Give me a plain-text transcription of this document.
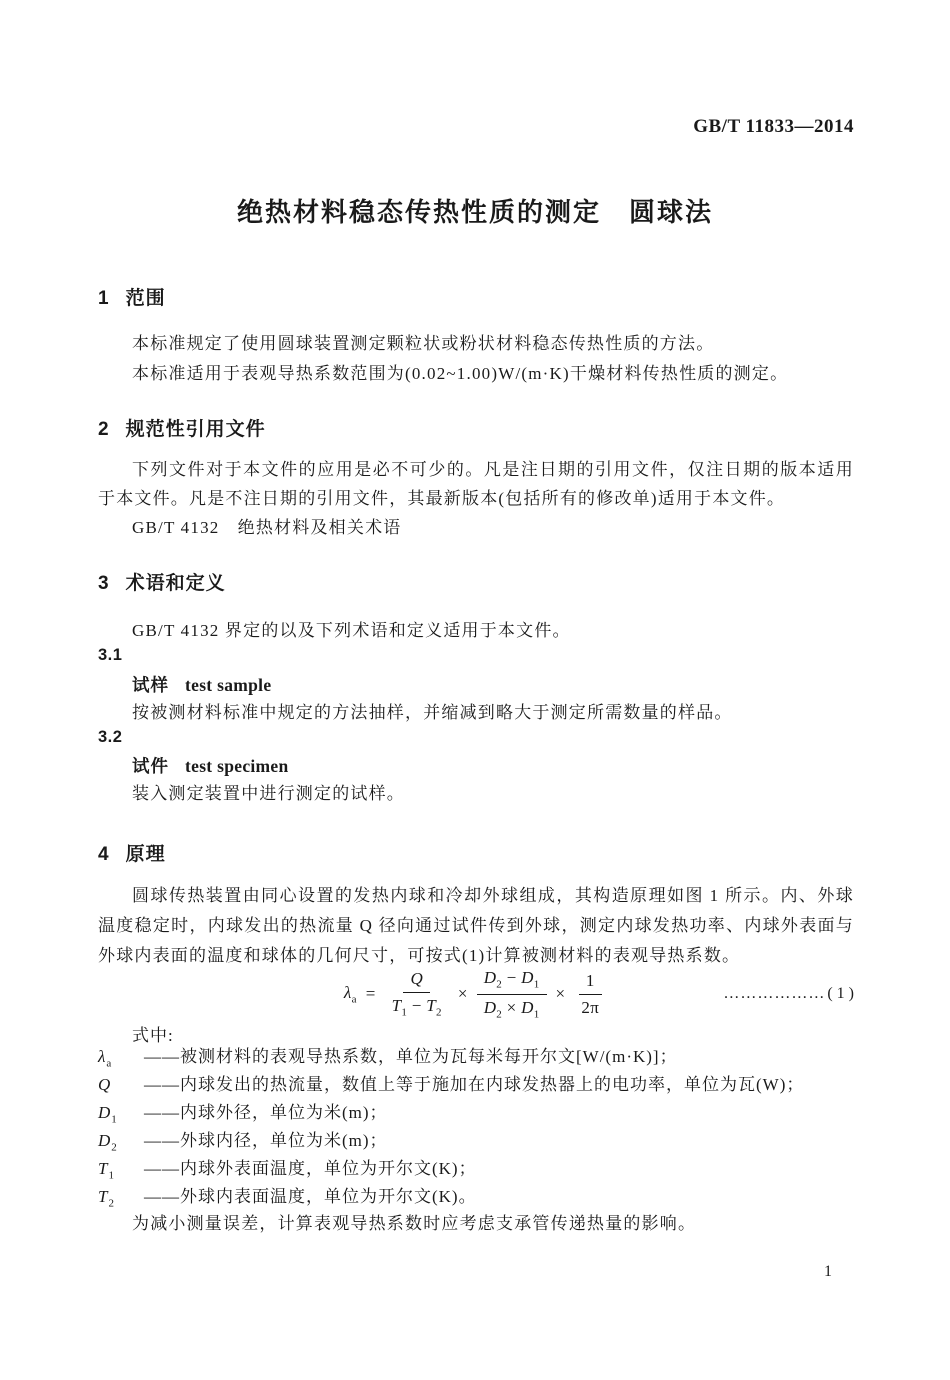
GB/T 11833—2014
绝热材料稳态传热性质的测定　圆球法
1 范围
本标准规定了使用圆球装置测定颗粒状或粉状材料稳态传热性质的方法。
本标准适用于表观导热系数范围为(0.02~1.00)W/(m·K)干燥材料传热性质的测定。
2 规范性引用文件
下列文件对于本文件的应用是必不可少的。凡是注日期的引用文件，仅注日期的版本适用于本文件。凡是不注日期的引用文件，其最新版本(包括所有的修改单)适用于本文件。
GB/T 4132　绝热材料及相关术语
3 术语和定义
GB/T 4132 界定的以及下列术语和定义适用于本文件。
3.1
试样 test sample
按被测材料标准中规定的方法抽样，并缩减到略大于测定所需数量的样品。
3.2
试件 test specimen
装入测定装置中进行测定的试样。
4 原理
圆球传热装置由同心设置的发热内球和冷却外球组成，其构造原理如图 1 所示。内、外球温度稳定时，内球发出的热流量 Q 径向通过试件传到外球，测定内球发热功率、内球外表面与外球内表面的温度和球体的几何尺寸，可按式(1)计算被测材料的表观导热系数。
$\lambda_a = \frac{Q}{T_1 - T_2} \times \frac{D_2 - D_1}{D_2 \times D_1} \times \frac{1}{2\pi}$	……………… ( 1 )
式中:
$\lambda_a$ ——被测材料的表观导热系数，单位为瓦每米每开尔文[W/(m·K)]；
Q ——内球发出的热流量，数值上等于施加在内球发热器上的电功率，单位为瓦(W)；
$D_1$ ——内球外径，单位为米(m)；
$D_2$ ——外球内径，单位为米(m)；
$T_1$ ——内球外表面温度，单位为开尔文(K)；
$T_2$ ——外球内表面温度，单位为开尔文(K)。
为减小测量误差，计算表观导热系数时应考虑支承管传递热量的影响。
1
